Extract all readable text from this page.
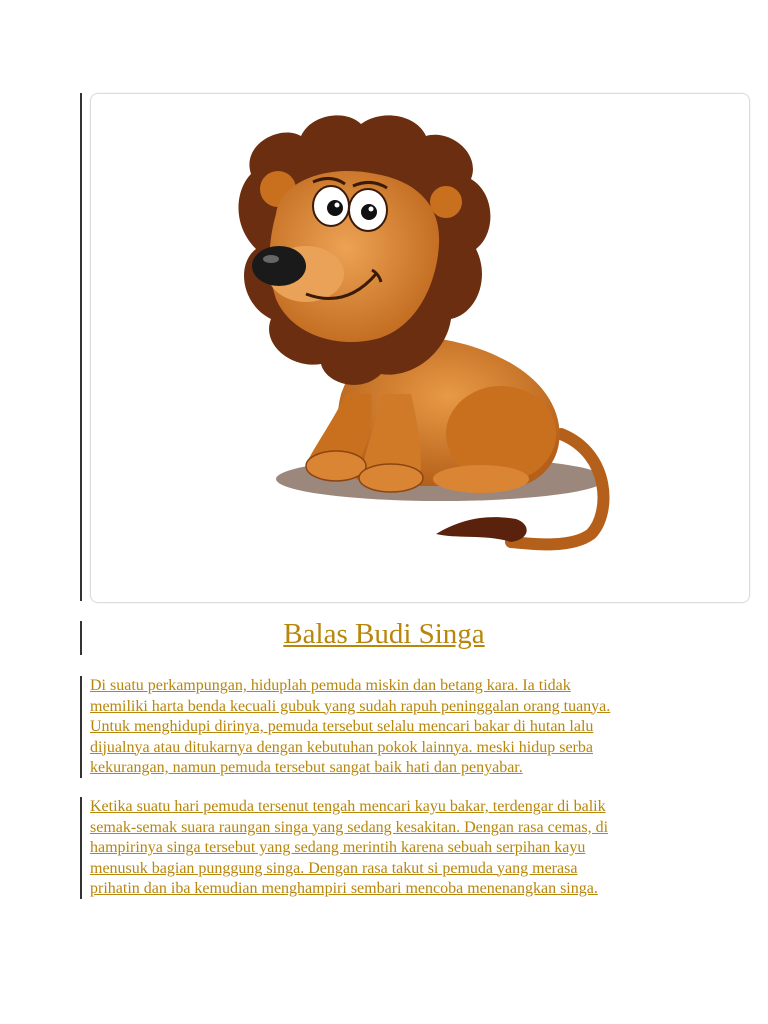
Balas Budi Singa
Di suatu perkampungan, hiduplah pemuda miskin dan betang kara. Ia tidak
memiliki harta benda kecuali gubuk yang sudah rapuh peninggalan orang tuanya.
Untuk menghidupi dirinya, pemuda tersebut selalu mencari bakar di hutan lalu
dijualnya atau ditukarnya dengan kebutuhan pokok lainnya. meski hidup serba
kekurangan, namun pemuda tersebut sangat baik hati dan penyabar.
Ketika suatu hari pemuda tersenut tengah mencari kayu bakar, terdengar di balik
semak-semak suara raungan singa yang sedang kesakitan. Dengan rasa cemas, di
hampirinya singa tersebut yang sedang merintih karena sebuah serpihan kayu
menusuk bagian punggung singa. Dengan rasa takut si pemuda yang merasa
prihatin dan iba kemudian menghampiri sembari mencoba menenangkan singa.
